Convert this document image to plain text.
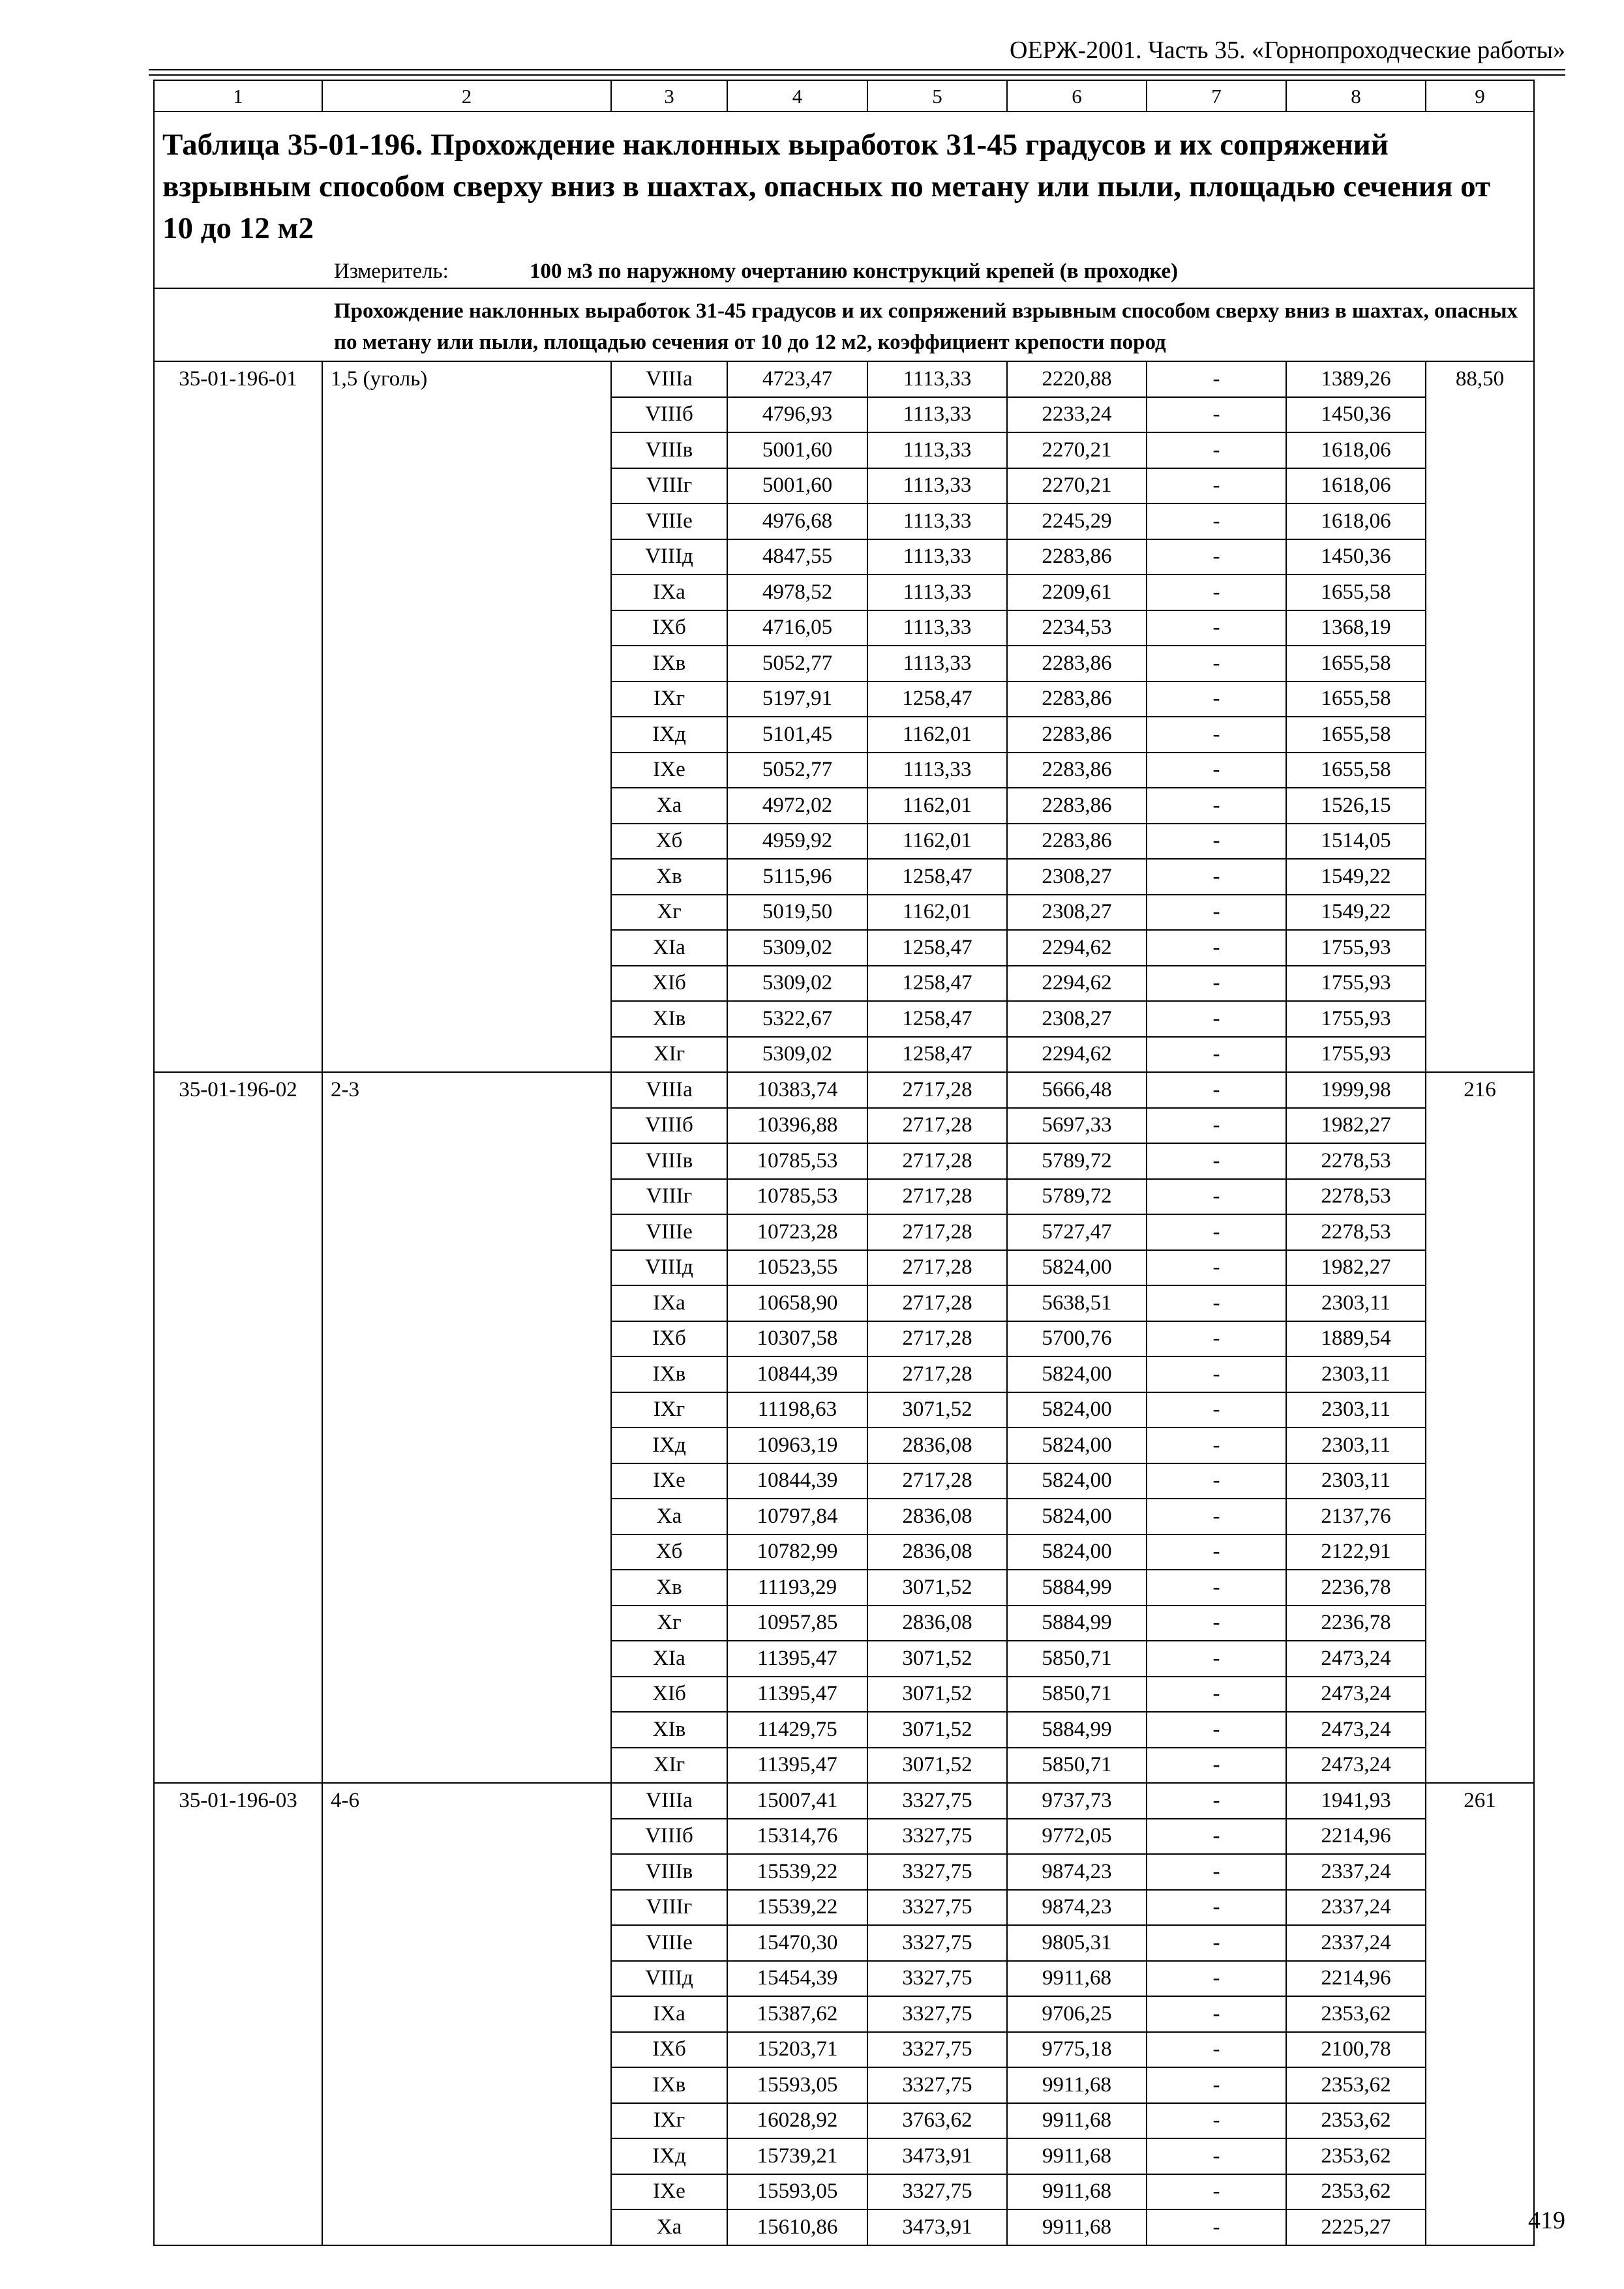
ОЕРЖ-2001. Часть 35. «Горнопроходческие работы»
1	2	3	4	5	6	7	8	9

Таблица 35-01-196. Прохождение наклонных выработок 31-45 градусов и их сопряжений взрывным способом сверху вниз в шахтах, опасных по метану или пыли, площадью сечения от 10 до 12 м2
Измеритель: 100 м3 по наружному очертанию конструкций крепей (в проходке)								

Прохождение наклонных выработок 31-45 градусов и их сопряжений взрывным способом сверху вниз в шахтах, опасных по метану или пыли, площадью сечения от 10 до 12 м2, коэффициент крепости пород								
35-01-196-01	1,5 (уголь)	VIIIа	4723,47	1113,33	2220,88	-	1389,26	88,50
		VIIIб	4796,93	1113,33	2233,24	-	1450,36	
		VIIIв	5001,60	1113,33	2270,21	-	1618,06	
		VIIIг	5001,60	1113,33	2270,21	-	1618,06	
		VIIIе	4976,68	1113,33	2245,29	-	1618,06	
		VIIIд	4847,55	1113,33	2283,86	-	1450,36	
		IXа	4978,52	1113,33	2209,61	-	1655,58	
		IXб	4716,05	1113,33	2234,53	-	1368,19	
		IXв	5052,77	1113,33	2283,86	-	1655,58	
		IXг	5197,91	1258,47	2283,86	-	1655,58	
		IXд	5101,45	1162,01	2283,86	-	1655,58	
		IXе	5052,77	1113,33	2283,86	-	1655,58	
		Xа	4972,02	1162,01	2283,86	-	1526,15	
		Xб	4959,92	1162,01	2283,86	-	1514,05	
		Xв	5115,96	1258,47	2308,27	-	1549,22	
		Xг	5019,50	1162,01	2308,27	-	1549,22	
		XIа	5309,02	1258,47	2294,62	-	1755,93	
		XIб	5309,02	1258,47	2294,62	-	1755,93	
		XIв	5322,67	1258,47	2308,27	-	1755,93	
		XIг	5309,02	1258,47	2294,62	-	1755,93	
35-01-196-02	2-3	VIIIа	10383,74	2717,28	5666,48	-	1999,98	216
		VIIIб	10396,88	2717,28	5697,33	-	1982,27	
		VIIIв	10785,53	2717,28	5789,72	-	2278,53	
		VIIIг	10785,53	2717,28	5789,72	-	2278,53	
		VIIIе	10723,28	2717,28	5727,47	-	2278,53	
		VIIIд	10523,55	2717,28	5824,00	-	1982,27	
		IXа	10658,90	2717,28	5638,51	-	2303,11	
		IXб	10307,58	2717,28	5700,76	-	1889,54	
		IXв	10844,39	2717,28	5824,00	-	2303,11	
		IXг	11198,63	3071,52	5824,00	-	2303,11	
		IXд	10963,19	2836,08	5824,00	-	2303,11	
		IXе	10844,39	2717,28	5824,00	-	2303,11	
		Xа	10797,84	2836,08	5824,00	-	2137,76	
		Xб	10782,99	2836,08	5824,00	-	2122,91	
		Xв	11193,29	3071,52	5884,99	-	2236,78	
		Xг	10957,85	2836,08	5884,99	-	2236,78	
		XIа	11395,47	3071,52	5850,71	-	2473,24	
		XIб	11395,47	3071,52	5850,71	-	2473,24	
		XIв	11429,75	3071,52	5884,99	-	2473,24	
		XIг	11395,47	3071,52	5850,71	-	2473,24	
35-01-196-03	4-6	VIIIа	15007,41	3327,75	9737,73	-	1941,93	261
		VIIIб	15314,76	3327,75	9772,05	-	2214,96	
		VIIIв	15539,22	3327,75	9874,23	-	2337,24	
		VIIIг	15539,22	3327,75	9874,23	-	2337,24	
		VIIIе	15470,30	3327,75	9805,31	-	2337,24	
		VIIIд	15454,39	3327,75	9911,68	-	2214,96	
		IXа	15387,62	3327,75	9706,25	-	2353,62	
		IXб	15203,71	3327,75	9775,18	-	2100,78	
		IXв	15593,05	3327,75	9911,68	-	2353,62	
		IXг	16028,92	3763,62	9911,68	-	2353,62	
		IXд	15739,21	3473,91	9911,68	-	2353,62	
		IXе	15593,05	3327,75	9911,68	-	2353,62	
		Xа	15610,86	3473,91	9911,68	-	2225,27		419
